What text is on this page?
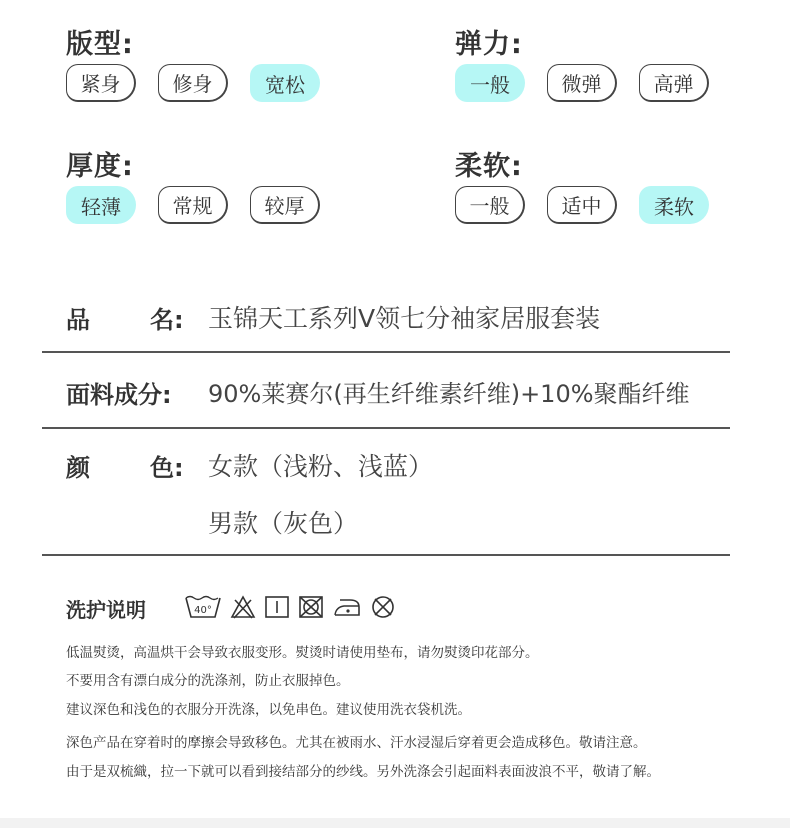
版型:
紧身	修身	宽松
弹力:
一般	微弹	高弹
厚度:
轻薄	常规	较厚
柔软:
一般	适中	柔软
品	名: 玉锦天工系列V领七分袖家居服套装
面料成分: 90%莱赛尔(再生纤维素纤维)+10%聚酯纤维
颜	色: 女款（浅粉、浅蓝）
男款（灰色）
洗护说明	40°
低温熨烫，高温烘干会导致衣服变形。熨烫时请使用垫布，请勿熨烫印花部分。
不要用含有漂白成分的洗涤剂，防止衣服掉色。
建议深色和浅色的衣服分开洗涤，以免串色。建议使用洗衣袋机洗。
深色产品在穿着时的摩擦会导致移色。尤其在被雨水、汗水浸湿后穿着更会造成移色。敬请注意。
由于是双梳織，拉一下就可以看到接结部分的纱线。另外洗涤会引起面料表面波浪不平，敬请了解。
